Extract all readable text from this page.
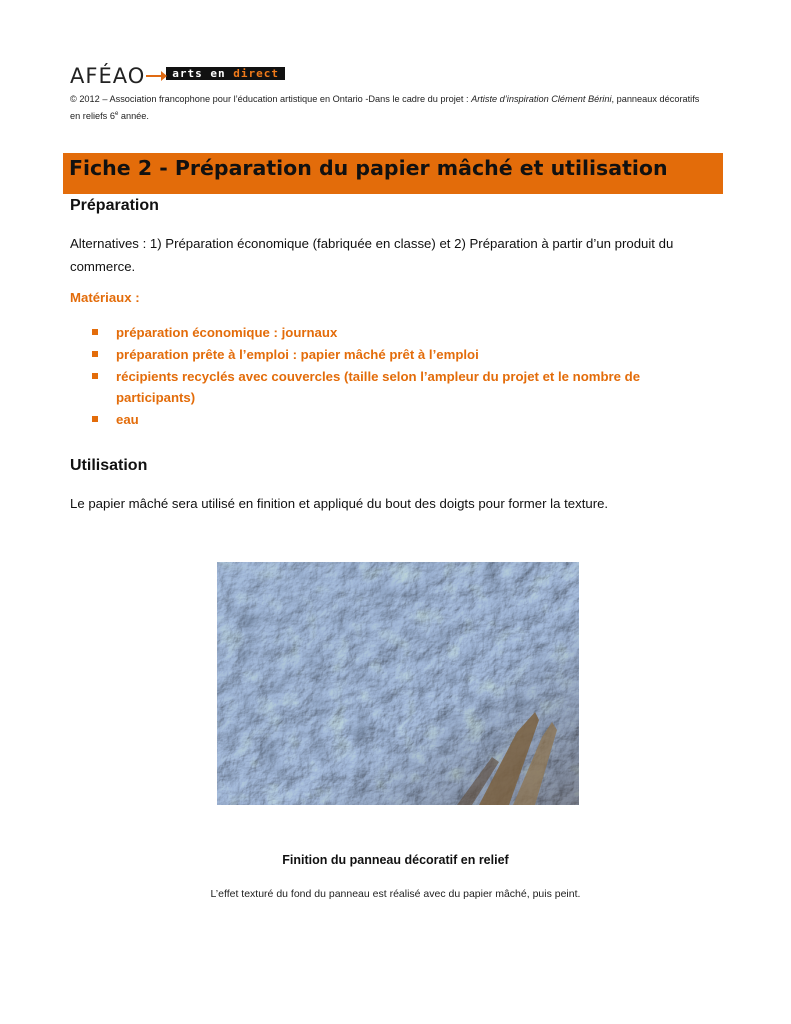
AFÉAO	arts en direct
© 2012 – Association francophone pour l’éducation artistique en Ontario -Dans le cadre du projet : Artiste d’inspiration Clément Bérini, panneaux décoratifs en reliefs 6e année.
Fiche 2 - Préparation du papier mâché et utilisation
Préparation
Alternatives : 1) Préparation économique (fabriquée en classe) et 2) Préparation à partir d’un produit du commerce.
Matériaux :
préparation économique : journaux
préparation prête à l’emploi : papier mâché prêt à l’emploi
récipients recyclés avec couvercles (taille selon l’ampleur du projet et le nombre de participants)
eau
Utilisation
Le papier mâché sera utilisé en finition et appliqué du bout des doigts pour former la texture.
Finition du panneau décoratif en relief
L’effet texturé du fond du panneau est réalisé avec du papier mâché, puis peint.
